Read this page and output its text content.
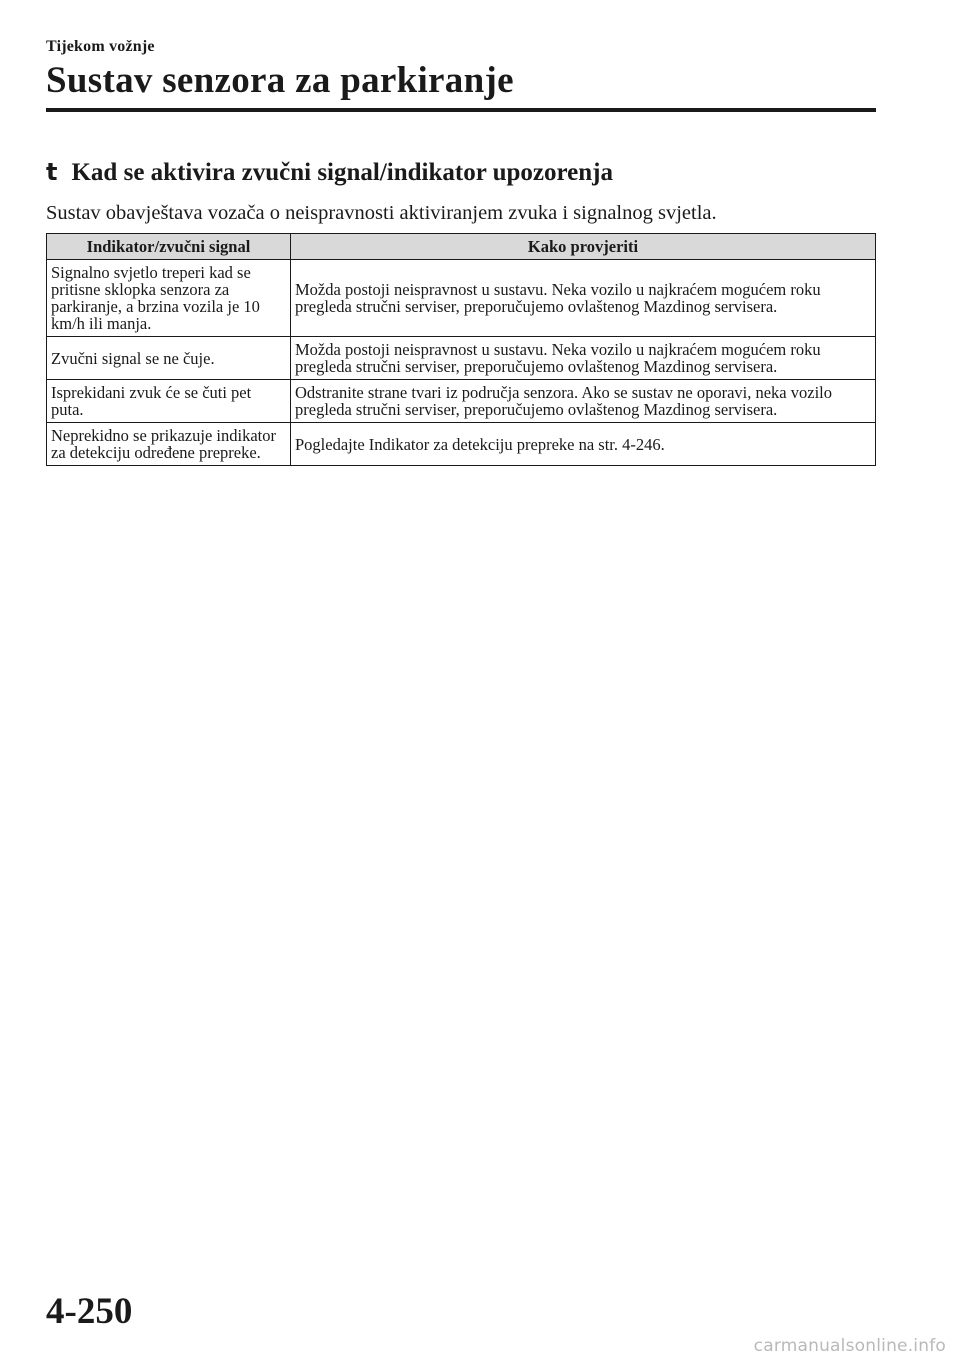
Tijekom vožnje
Sustav senzora za parkiranje
t Kad se aktivira zvučni signal/indikator upozorenja
Sustav obavještava vozača o neispravnosti aktiviranjem zvuka i signalnog svjetla.
Indikator/zvučni signal	Kako provjeriti
Signalno svjetlo treperi kad se pritisne sklopka senzora za parkiranje, a brzina vozila je 10 km/h ili manja.	Možda postoji neispravnost u sustavu. Neka vozilo u najkraćem mogućem roku pregleda stručni serviser, preporučujemo ovlaštenog Mazdinog servisera.
Zvučni signal se ne čuje.	Možda postoji neispravnost u sustavu. Neka vozilo u najkraćem mogućem roku pregleda stručni serviser, preporučujemo ovlaštenog Mazdinog servisera.
Isprekidani zvuk će se čuti pet puta.	Odstranite strane tvari iz područja senzora. Ako se sustav ne oporavi, neka vozilo pregleda stručni serviser, preporučujemo ovlaštenog Mazdinog servisera.
Neprekidno se prikazuje indikator za detekciju određene prepreke.	Pogledajte Indikator za detekciju prepreke na str. 4-246.
4-250
carmanualsonline.info
